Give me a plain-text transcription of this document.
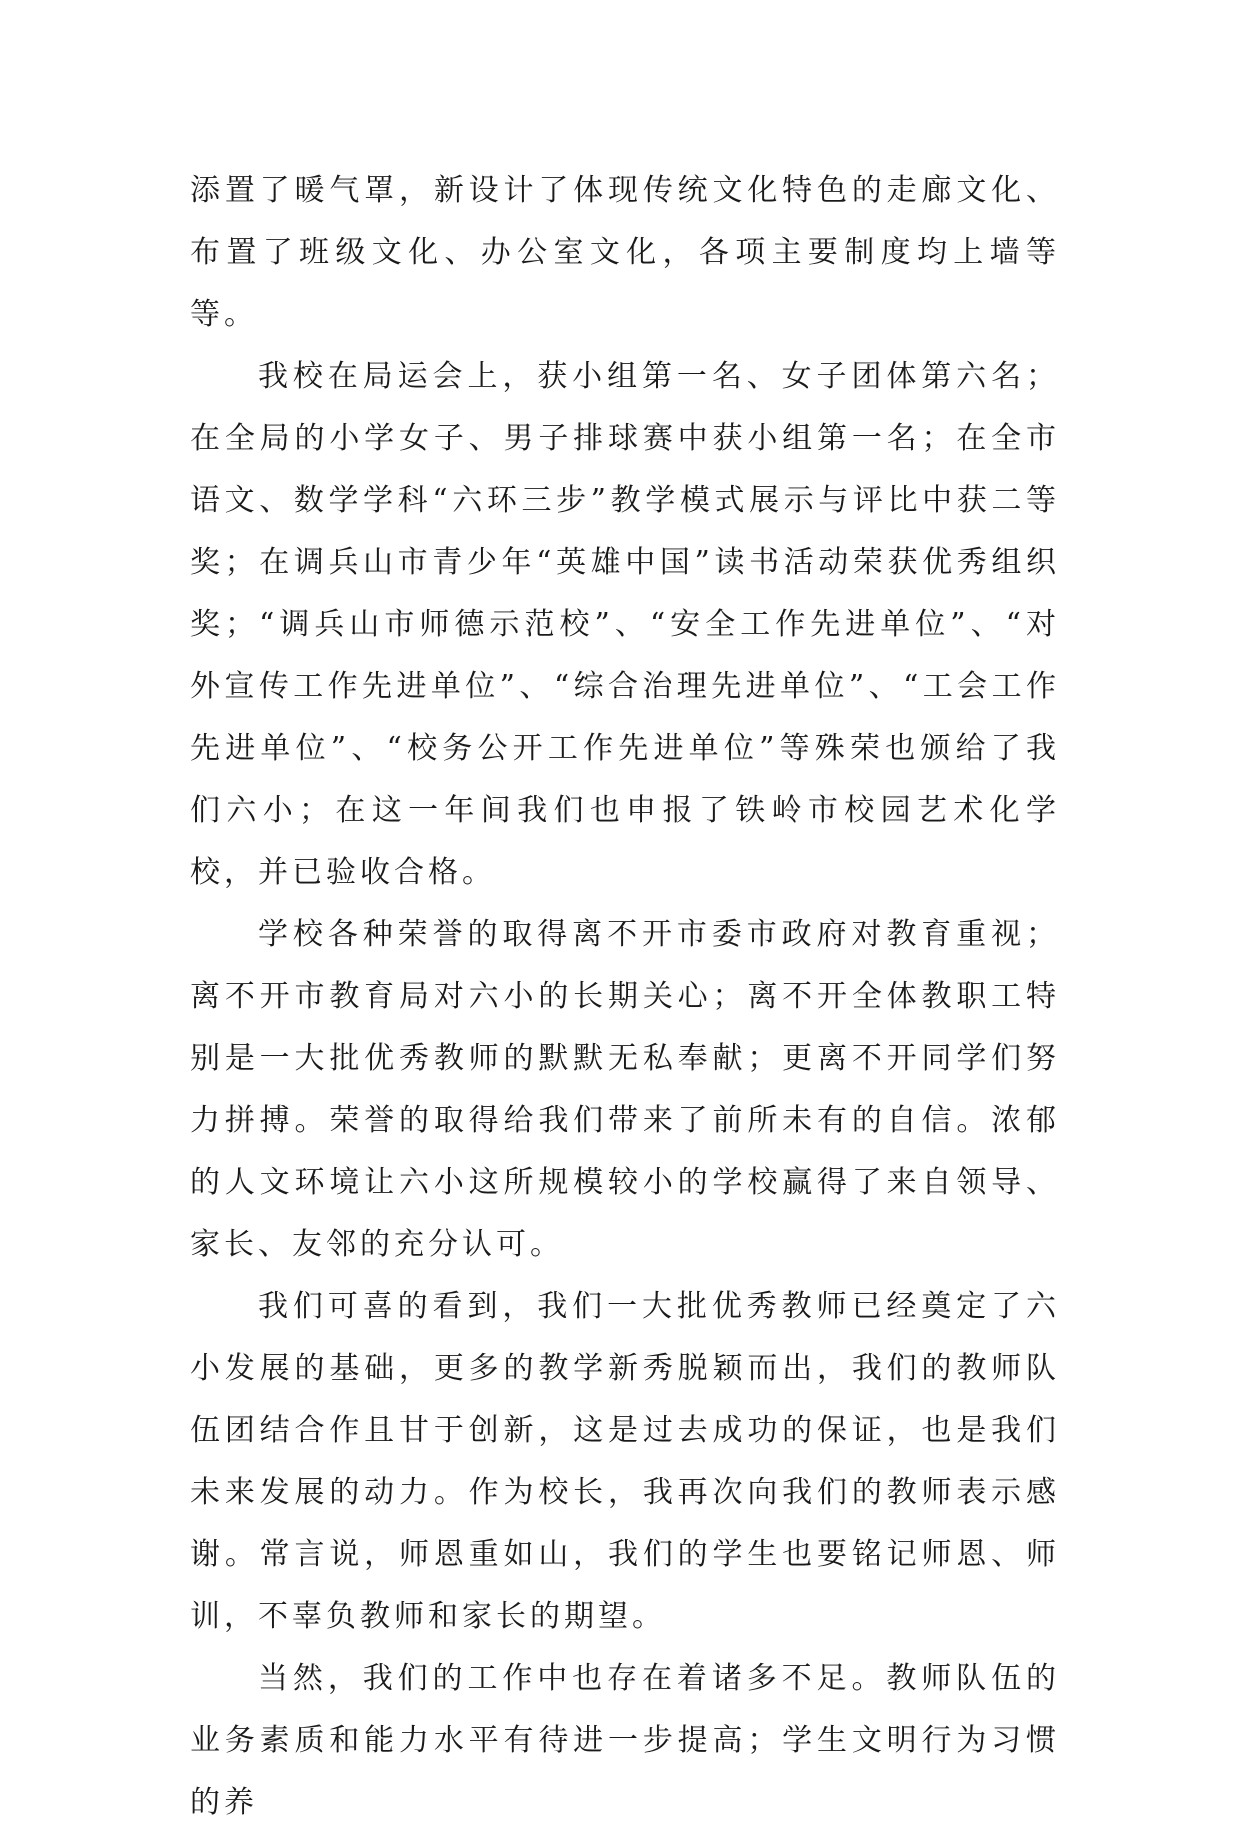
添置了暖气罩，新设计了体现传统文化特色的走廊文化、布置了班级文化、办公室文化，各项主要制度均上墙等等。

我校在局运会上，获小组第一名、女子团体第六名；在全局的小学女子、男子排球赛中获小组第一名；在全市语文、数学学科“六环三步”教学模式展示与评比中获二等奖；在调兵山市青少年“英雄中国”读书活动荣获优秀组织奖；“调兵山市师德示范校”、“安全工作先进单位”、“对外宣传工作先进单位”、“综合治理先进单位”、“工会工作先进单位”、“校务公开工作先进单位”等殊荣也颁给了我们六小；在这一年间我们也申报了铁岭市校园艺术化学校，并已验收合格。

学校各种荣誉的取得离不开市委市政府对教育重视；离不开市教育局对六小的长期关心；离不开全体教职工特别是一大批优秀教师的默默无私奉献；更离不开同学们努力拼搏。荣誉的取得给我们带来了前所未有的自信。浓郁的人文环境让六小这所规模较小的学校赢得了来自领导、家长、友邻的充分认可。

我们可喜的看到，我们一大批优秀教师已经奠定了六小发展的基础，更多的教学新秀脱颖而出，我们的教师队伍团结合作且甘于创新，这是过去成功的保证，也是我们未来发展的动力。作为校长，我再次向我们的教师表示感谢。常言说，师恩重如山，我们的学生也要铭记师恩、师训，不辜负教师和家长的期望。

当然，我们的工作中也存在着诸多不足。教师队伍的业务素质和能力水平有待进一步提高；学生文明行为习惯的养
